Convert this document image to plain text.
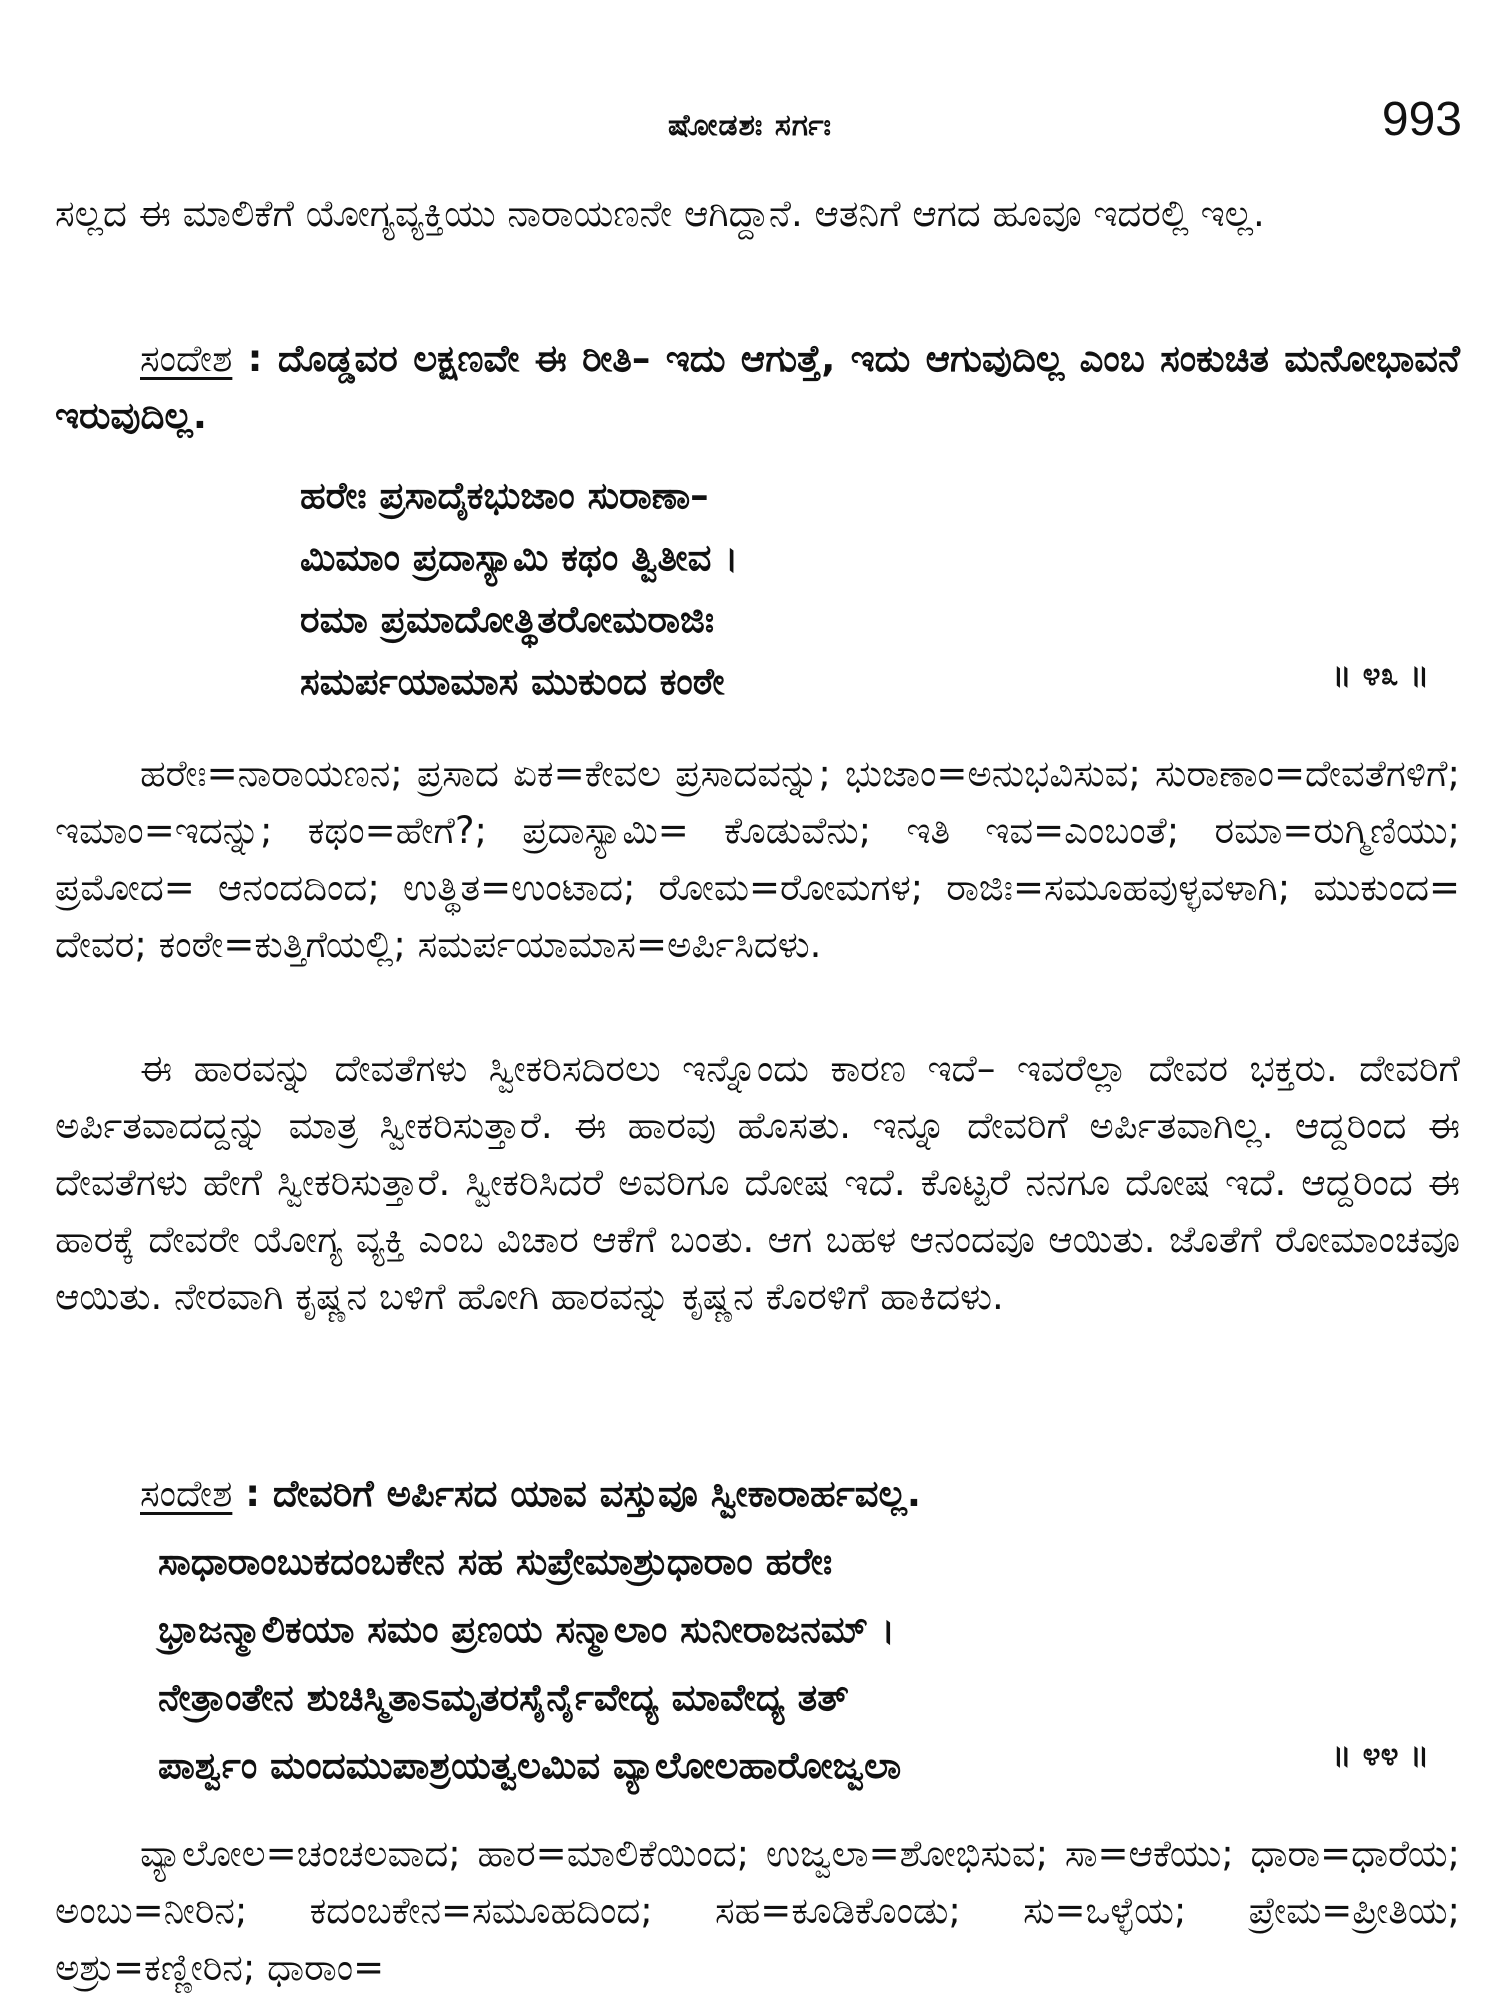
ಷೋಡಶಃ ಸರ್ಗಃ	993

ಸಲ್ಲದ ಈ ಮಾಲಿಕೆಗೆ ಯೋಗ್ಯವ್ಯಕ್ತಿಯು ನಾರಾಯಣನೇ ಆಗಿದ್ದಾನೆ. ಆತನಿಗೆ ಆಗದ ಹೂವೂ ಇದರಲ್ಲಿ ಇಲ್ಲ.

ಸಂದೇಶ : ದೊಡ್ಡವರ ಲಕ್ಷಣವೇ ಈ ರೀತಿ– ಇದು ಆಗುತ್ತೆ, ಇದು ಆಗುವುದಿಲ್ಲ ಎಂಬ ಸಂಕುಚಿತ ಮನೋಭಾವನೆ ಇರುವುದಿಲ್ಲ.

ಹರೇಃ ಪ್ರಸಾದೈಕಭುಜಾಂ ಸುರಾಣಾ–
ಮಿಮಾಂ ಪ್ರದಾಸ್ಯಾಮಿ ಕಥಂ ತ್ವಿತೀವ ।
ರಮಾ ಪ್ರಮಾದೋತ್ಥಿತರೋಮರಾಜಿಃ
ಸಮರ್ಪಯಾಮಾಸ ಮುಕುಂದ ಕಂಠೇ	॥ ೪೩ ॥

ಹರೇಃ=ನಾರಾಯಣನ; ಪ್ರಸಾದ ಏಕ=ಕೇವಲ ಪ್ರಸಾದವನ್ನು; ಭುಜಾಂ=ಅನುಭವಿಸುವ; ಸುರಾಣಾಂ=ದೇವತೆಗಳಿಗೆ; ಇಮಾಂ=ಇದನ್ನು; ಕಥಂ=ಹೇಗೆ?; ಪ್ರದಾಸ್ಯಾಮಿ= ಕೊಡುವೆನು; ಇತಿ ಇವ=ಎಂಬಂತೆ; ರಮಾ=ರುಗ್ಮಿಣಿಯು; ಪ್ರಮೋದ= ಆನಂದದಿಂದ; ಉತ್ಥಿತ=ಉಂಟಾದ; ರೋಮ=ರೋಮಗಳ; ರಾಜಿಃ=ಸಮೂಹವುಳ್ಳವಳಾಗಿ; ಮುಕುಂದ= ದೇವರ; ಕಂಠೇ=ಕುತ್ತಿಗೆಯಲ್ಲಿ; ಸಮರ್ಪಯಾಮಾಸ=ಅರ್ಪಿಸಿದಳು.

ಈ ಹಾರವನ್ನು ದೇವತೆಗಳು ಸ್ವೀಕರಿಸದಿರಲು ಇನ್ನೊಂದು ಕಾರಣ ಇದೆ– ಇವರೆಲ್ಲಾ ದೇವರ ಭಕ್ತರು. ದೇವರಿಗೆ ಅರ್ಪಿತವಾದದ್ದನ್ನು ಮಾತ್ರ ಸ್ವೀಕರಿಸುತ್ತಾರೆ. ಈ ಹಾರವು ಹೊಸತು. ಇನ್ನೂ ದೇವರಿಗೆ ಅರ್ಪಿತವಾಗಿಲ್ಲ. ಆದ್ದರಿಂದ ಈ ದೇವತೆಗಳು ಹೇಗೆ ಸ್ವೀಕರಿಸುತ್ತಾರೆ. ಸ್ವೀಕರಿಸಿದರೆ ಅವರಿಗೂ ದೋಷ ಇದೆ. ಕೊಟ್ಟರೆ ನನಗೂ ದೋಷ ಇದೆ. ಆದ್ದರಿಂದ ಈ ಹಾರಕ್ಕೆ ದೇವರೇ ಯೋಗ್ಯ ವ್ಯಕ್ತಿ ಎಂಬ ವಿಚಾರ ಆಕೆಗೆ ಬಂತು. ಆಗ ಬಹಳ ಆನಂದವೂ ಆಯಿತು. ಜೊತೆಗೆ ರೋಮಾಂಚವೂ ಆಯಿತು. ನೇರವಾಗಿ ಕೃಷ್ಣನ ಬಳಿಗೆ ಹೋಗಿ ಹಾರವನ್ನು ಕೃಷ್ಣನ ಕೊರಳಿಗೆ ಹಾಕಿದಳು.

ಸಂದೇಶ : ದೇವರಿಗೆ ಅರ್ಪಿಸದ ಯಾವ ವಸ್ತುವೂ ಸ್ವೀಕಾರಾರ್ಹವಲ್ಲ.

ಸಾಧಾರಾಂಬುಕದಂಬಕೇನ ಸಹ ಸುಪ್ರೇಮಾಶ್ರುಧಾರಾಂ ಹರೇಃ
ಭ್ರಾಜನ್ಮಾಲಿಕಯಾ ಸಮಂ ಪ್ರಣಯ ಸನ್ಮಾಲಾಂ ಸುನೀರಾಜನಮ್ ।
ನೇತ್ರಾಂತೇನ ಶುಚಿಸ್ಮಿತಾಽಮೃತರಸೈರ್ನೈವೇದ್ಯ ಮಾವೇದ್ಯ ತತ್
ಪಾರ್ಶ್ವಂ ಮಂದಮುಪಾಶ್ರಯತ್ವಲಮಿವ ವ್ಯಾಲೋಲಹಾರೋಜ್ವಲಾ	॥ ೪೪ ॥

ವ್ಯಾಲೋಲ=ಚಂಚಲವಾದ; ಹಾರ=ಮಾಲಿಕೆಯಿಂದ; ಉಜ್ವಲಾ=ಶೋಭಿಸುವ; ಸಾ=ಆಕೆಯು; ಧಾರಾ=ಧಾರೆಯ; ಅಂಬು=ನೀರಿನ; ಕದಂಬಕೇನ=ಸಮೂಹದಿಂದ; ಸಹ=ಕೂಡಿಕೊಂಡು; ಸು=ಒಳ್ಳೆಯ; ಪ್ರೇಮ=ಪ್ರೀತಿಯ; ಅಶ್ರು=ಕಣ್ಣೀರಿನ; ಧಾರಾಂ=
